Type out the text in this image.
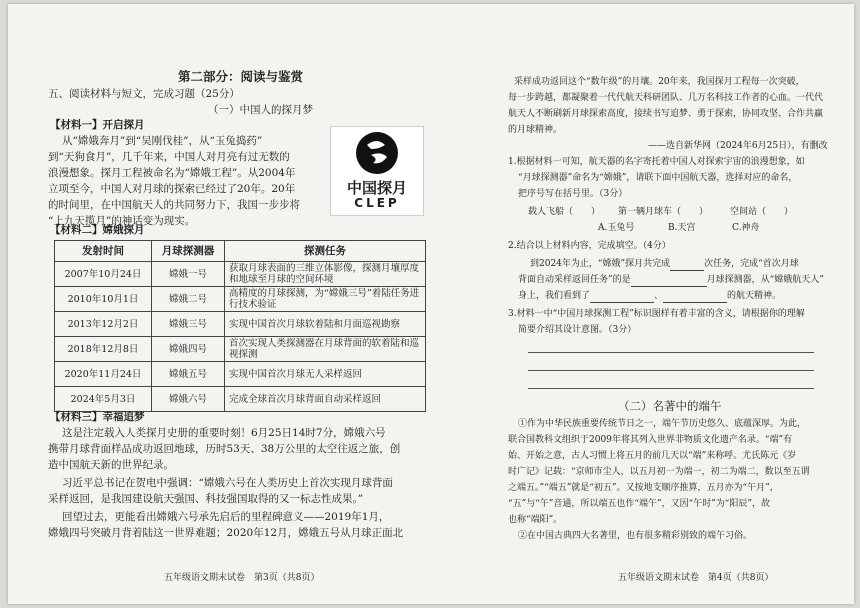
第二部分：阅读与鉴赏
五、阅读材料与短文，完成习题（25分）
（一）中国人的探月梦
【材料一】开启探月
从“嫦娥奔月”到“吴刚伐桂”，从“玉兔捣药”
到“天狗食月”，几千年来，中国人对月亮有过无数的
浪漫想象。探月工程被命名为“嫦娥工程”。从2004年
立项至今，中国人对月球的探索已经过了20年。20年
的时间里，在中国航天人的共同努力下，我国一步步将
“上九天揽月”的神话变为现实。
中国探月
CLEP
【材料二】嫦娥探月
发射时间	月球探测器	探测任务
2007年10月24日	嫦娥一号	获取月球表面的三维立体影像，探测月壤厚度和地球至月球的空间环境
2010年10月1日	嫦娥二号	高精度的月球探测，为“嫦娥三号”着陆任务进行技术验证
2013年12月2日	嫦娥三号	实现中国首次月球软着陆和月面巡视勘察
2018年12月8日	嫦娥四号	首次实现人类探测器在月球背面的软着陆和巡视探测
2020年11月24日	嫦娥五号	实现中国首次月球无人采样返回
2024年5月3日	嫦娥六号	完成全球首次月球背面自动采样返回
【材料三】幸福追梦
这是注定载入人类探月史册的重要时刻！6月25日14时7分，嫦娥六号
携带月球背面样品成功返回地球，历时53天、38万公里的太空往返之旅，创
造中国航天新的世界纪录。
习近平总书记在贺电中强调：“嫦娥六号在人类历史上首次实现月球背面
采样返回，是我国建设航天强国、科技强国取得的又一标志性成果。”
回望过去，更能看出嫦娥六号承先启后的里程碑意义——2019年1月，
嫦娥四号突破月背着陆这一世界难题；2020年12月，嫦娥五号从月球正面北
五年级语文期末试卷　第3页（共8页）
采样成功返回这个“数年级”的月壤。20年来，我国探月工程每一次突破，
每一步跨越，都凝聚着一代代航天科研团队、几万名科技工作者的心血。一代代
航天人不断刷新月球探索高度，接续书写追梦、勇于探索，协同攻坚、合作共赢
的月球精神。
——选自新华网（2024年6月25日），有删改
1.根据材料一可知，航天器的名字寄托着中国人对探索宇宙的浪漫想象，如
“月球探测器”命名为“嫦娥”，请联下面中国航天器，选择对应的命名，
把序号写在括号里。（3分）
载人飞船（　　） 第一辆月球车（　　） 空间站（　　）
A.玉兔号	B.天宫	C.神舟
2.结合以上材料内容，完成填空。（4分）
到2024年为止，“嫦娥”探月共完成	次任务，完成“首次月球
背面自动采样返回任务”的是	月球探测器，从“嫦娥航天人”
身上，我们看到了	、	的航天精神。
3.材料一中“中国月球探测工程”标识图样有着丰富的含义，请根据你的理解
简要介绍其设计意图。（3分）
（二）名著中的端午
①作为中华民族重要传统节日之一，端午节历史悠久、底蕴深厚。为此，
联合国教科文组织于2009年将其列入世界非物质文化遗产名录。“端”有
始、开始之意，古人习惯上将五月的前几天以“端”来称呼。尤氏陈元《岁
时广记》记载：“京师市尘人，以五月初一为端一，初二为端二，数以至五谓
之端五。”“端五”就是“初五”。又按地支顺序推算，五月亦为“午月”，
“五”与“午”音通，所以端五也作“端午”，又因“午时”为“阳辰”，故
也称“端阳”。
②在中国古典四大名著里，也有很多精彩别致的端午习俗。
五年级语文期末试卷　第4页（共8页）
